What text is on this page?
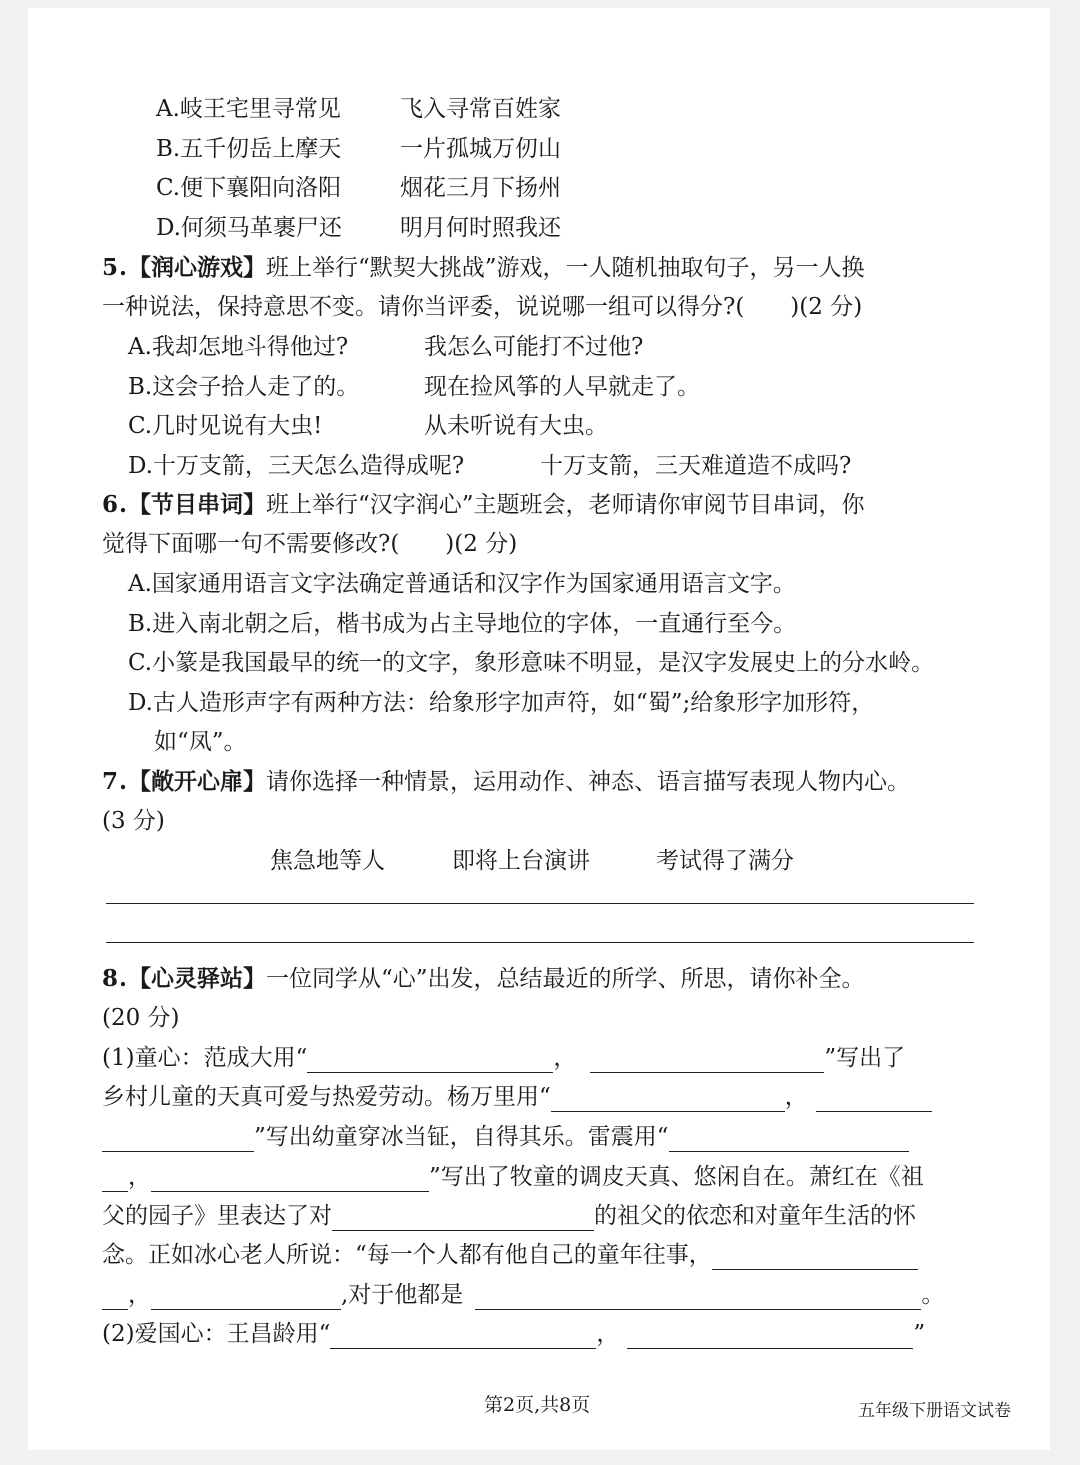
A.岐王宅里寻常见	飞入寻常百姓家
B.五千仞岳上摩天	一片孤城万仞山
C.便下襄阳向洛阳	烟花三月下扬州
D.何须马革裹尸还	明月何时照我还
5.【润心游戏】班上举行“默契大挑战”游戏，一人随机抽取句子，另一人换
一种说法，保持意思不变。请你当评委，说说哪一组可以得分?(　　)(2 分)
A.我却怎地斗得他过?	我怎么可能打不过他?
B.这会子拾人走了的。	现在捡风筝的人早就走了。
C.几时见说有大虫!	从未听说有大虫。
D.十万支箭，三天怎么造得成呢?	十万支箭，三天难道造不成吗?
6.【节目串词】班上举行“汉字润心”主题班会，老师请你审阅节目串词，你
觉得下面哪一句不需要修改?(　　)(2 分)
A.国家通用语言文字法确定普通话和汉字作为国家通用语言文字。
B.进入南北朝之后，楷书成为占主导地位的字体，一直通行至今。
C.小篆是我国最早的统一的文字，象形意味不明显，是汉字发展史上的分水岭。
D.古人造形声字有两种方法：给象形字加声符，如“蜀”;给象形字加形符，
如“凤”。
7.【敞开心扉】请你选择一种情景，运用动作、神态、语言描写表现人物内心。
(3 分)
焦急地等人	即将上台演讲	考试得了满分
8.【心灵驿站】一位同学从“心”出发，总结最近的所学、所思，请你补全。
(20 分)
(1)童心：范成大用“	，	”写出了
乡村儿童的天真可爱与热爱劳动。杨万里用“	，
”写出幼童穿冰当钲，自得其乐。雷震用“
，	”写出了牧童的调皮天真、悠闲自在。萧红在《祖
父的园子》里表达了对	的祖父的依恋和对童年生活的怀
念。正如冰心老人所说：“每一个人都有他自己的童年往事，
，	,对于他都是	。
(2)爱国心：王昌龄用“	，	”
第2页,共8页	五年级下册语文试卷
